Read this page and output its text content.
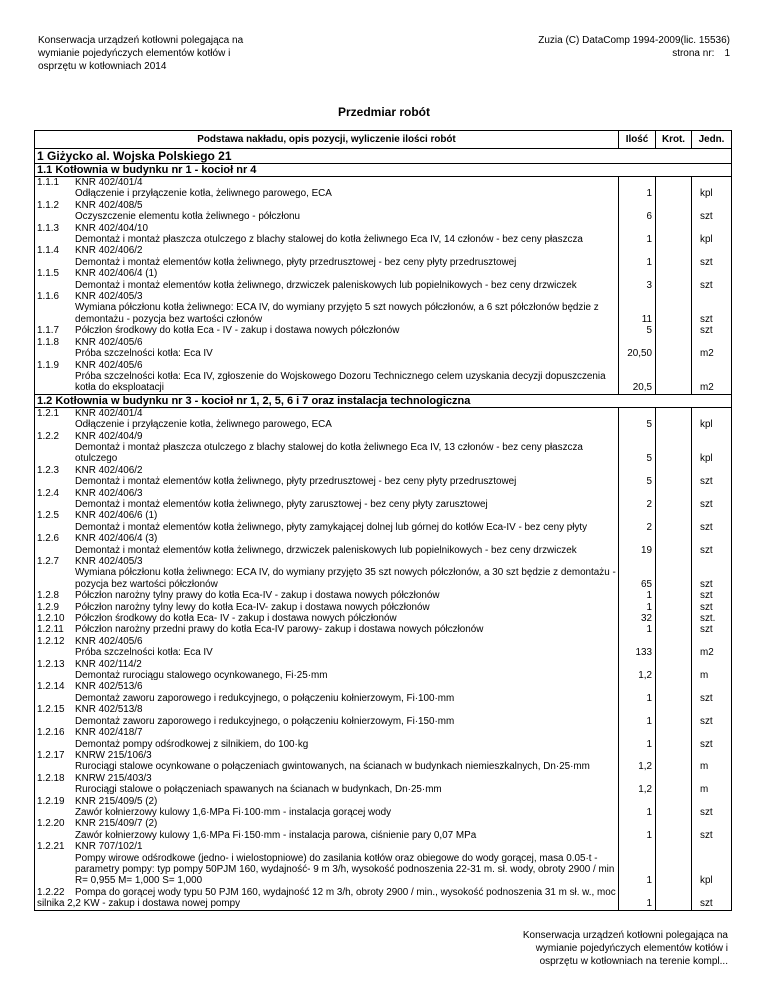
Konserwacja urządzeń kotłowni polegająca na
wymianie pojedyńczych elementów kotłów i
osprzętu w kotłowniach 2014
Zuzia (C) DataComp 1994-2009(lic. 15536)
strona nr: 1
Przedmiar robót
Podstawa nakładu, opis pozycji, wyliczenie ilości robót	Ilość	Krot.	Jedn.
1 Giżycko al. Wojska Polskiego 21			
1.1 Kotłownia w budynku nr 1 - kocioł nr 4			
1.1.1 KNR 402/401/4
Odłączenie i przyłączenie kotła, żeliwnego parowego, ECA	1		kpl
1.1.2 KNR 402/408/5
Oczyszczenie elementu kotła żeliwnego - półczłonu	6		szt
1.1.3 KNR 402/404/10
Demontaż i montaż płaszcza otulczego z blachy stalowej do kotła żeliwnego Eca IV, 14 członów - bez ceny płaszcza	1		kpl
1.1.4 KNR 402/406/2
Demontaż i montaż elementów kotła żeliwnego, płyty przedrusztowej - bez ceny płyty przedrusztowej	1		szt
1.1.5 KNR 402/406/4 (1)
Demontaż i montaż elementów kotła żeliwnego, drzwiczek paleniskowych lub popielnikowych - bez ceny drzwiczek	3		szt
1.1.6 KNR 402/405/3
Wymiana półczłonu kotła żeliwnego: ECA IV, do wymiany przyjęto 5 szt nowych półczłonów, a 6 szt półczłonów będzie z demontażu - pozycja bez wartości członów	11		szt
1.1.7 Półczłon środkowy do kotła Eca - IV - zakup i dostawa nowych półczłonów	5		szt
1.1.8 KNR 402/405/6
Próba szczelności kotła: Eca IV	20,50		m2
1.1.9 KNR 402/405/6
Próba szczelności kotła: Eca IV, zgłoszenie do Wojskowego Dozoru Technicznego celem uzyskania decyzji dopuszczenia kotła do eksploatacji	20,5		m2
1.2 Kotłownia w budynku nr 3 - kocioł nr 1, 2, 5, 6 i 7 oraz instalacja technologiczna			
1.2.1 KNR 402/401/4
Odłączenie i przyłączenie kotła, żeliwnego parowego, ECA	5		kpl
1.2.2 KNR 402/404/9
Demontaż i montaż płaszcza otulczego z blachy stalowej do kotła żeliwnego Eca IV, 13 członów - bez ceny płaszcza otulczego	5		kpl
1.2.3 KNR 402/406/2
Demontaż i montaż elementów kotła żeliwnego, płyty przedrusztowej - bez ceny płyty przedrusztowej	5		szt
1.2.4 KNR 402/406/3
Demontaż i montaż elementów kotła żeliwnego, płyty zarusztowej - bez ceny płyty zarusztowej	2		szt
1.2.5 KNR 402/406/6 (1)
Demontaż i montaż elementów kotła żeliwnego, płyty zamykającej dolnej lub górnej do kotłów Eca-IV - bez ceny płyty	2		szt
1.2.6 KNR 402/406/4 (3)
Demontaż i montaż elementów kotła żeliwnego, drzwiczek paleniskowych lub popielnikowych - bez ceny drzwiczek	19		szt
1.2.7 KNR 402/405/3
Wymiana półczłonu kotła żeliwnego: ECA IV, do wymiany przyjęto 35 szt nowych półczłonów, a 30 szt będzie z demontażu - pozycja bez wartości półczłonów	65		szt
1.2.8 Półczłon narożny tylny prawy do kotła Eca-IV - zakup i dostawa nowych półczłonów	1		szt
1.2.9 Półczłon narożny tylny lewy do kotła Eca-IV- zakup i dostawa nowych półczłonów	1		szt
1.2.10 Półczłon środkowy do kotła Eca- IV - zakup i dostawa nowych półczłonów	32		szt.
1.2.11 Półczłon narożny przedni prawy do kotła Eca-IV parowy- zakup i dostawa nowych półczłonów	1		szt
1.2.12 KNR 402/405/6
Próba szczelności kotła: Eca IV	133		m2
1.2.13 KNR 402/114/2
Demontaż rurociągu stalowego ocynkowanego, Fi·25·mm	1,2		m
1.2.14 KNR 402/513/6
Demontaż zaworu zaporowego i redukcyjnego, o połączeniu kołnierzowym, Fi·100·mm	1		szt
1.2.15 KNR 402/513/8
Demontaż zaworu zaporowego i redukcyjnego, o połączeniu kołnierzowym, Fi·150·mm	1		szt
1.2.16 KNR 402/418/7
Demontaż pompy odśrodkowej z silnikiem, do 100·kg	1		szt
1.2.17 KNRW 215/106/3
Rurociągi stalowe ocynkowane o połączeniach gwintowanych, na ścianach w budynkach niemieszkalnych, Dn·25·mm	1,2		m
1.2.18 KNRW 215/403/3
Rurociągi stalowe o połączeniach spawanych na ścianach w budynkach, Dn·25·mm	1,2		m
1.2.19 KNR 215/409/5 (2)
Zawór kołnierzowy kulowy 1,6·MPa Fi·100·mm - instalacja gorącej wody	1		szt
1.2.20 KNR 215/409/7 (2)
Zawór kołnierzowy kulowy 1,6·MPa Fi·150·mm - instalacja parowa, ciśnienie pary 0,07 MPa	1		szt
1.2.21 KNR 707/102/1
Pompy wirowe odśrodkowe (jedno- i wielostopniowe) do zasilania kotłów oraz obiegowe do wody gorącej, masa 0.05·t - parametry pompy: typ pompy 50PJM 160, wydajność- 9 m 3/h, wysokość podnoszenia 22-31 m. sł. wody, obroty 2900 / min R= 0,955 M= 1,000 S= 1,000	1		kpl
1.2.22 Pompa do gorącej wody typu 50 PJM 160, wydajność 12 m 3/h, obroty 2900 / min., wysokość podnoszenia 31 m sł. w., moc silnika 2,2 KW - zakup i dostawa nowej pompy	1		szt
Konserwacja urządzeń kotłowni polegająca na
wymianie pojedyńczych elementów kotłów i
osprzętu w kotłowniach na terenie kompl...
